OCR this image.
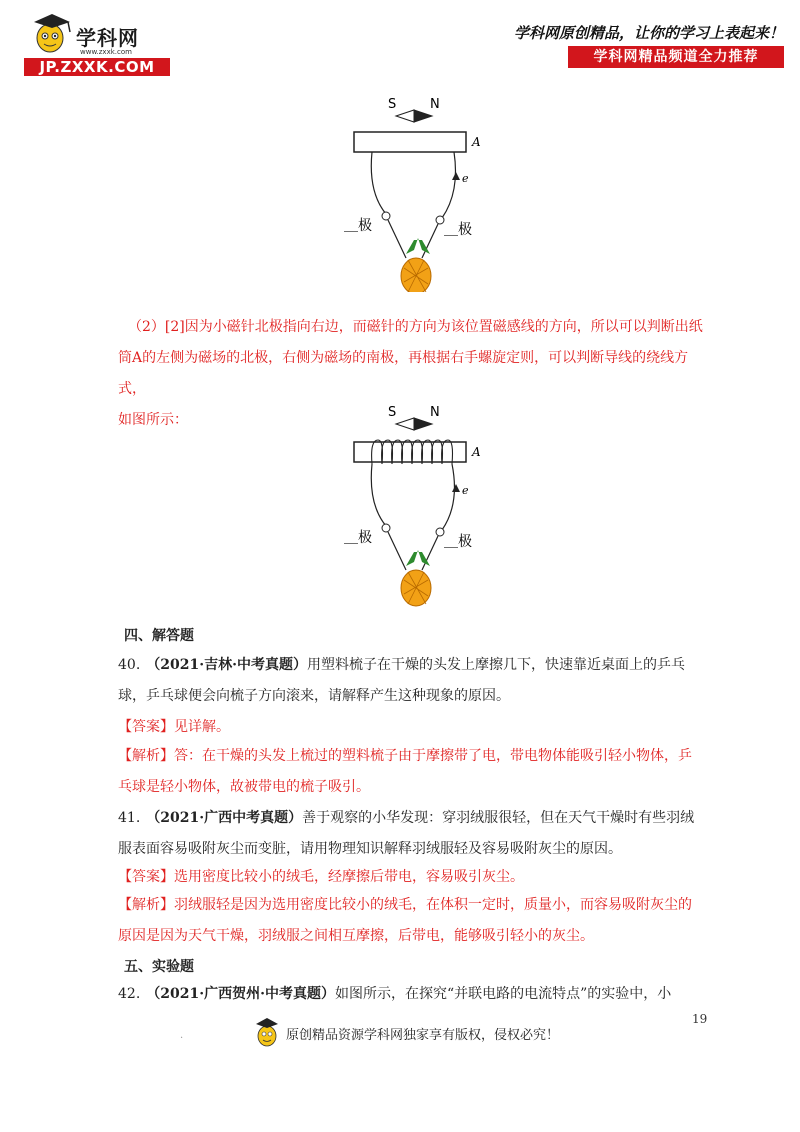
学科网
www.zxxk.com
JP.ZXXK.COM
学科网原创精品，让你的学习上表起来！
学科网精品频道全力推荐
S	N
A
e
＿极	＿极
（2）[2]因为小磁针北极指向右边，而磁针的方向为该位置磁感线的方向，所以可以判断出纸
筒A的左侧为磁场的北极，右侧为磁场的南极，再根据右手螺旋定则，可以判断导线的绕线方式，
如图所示：	S	N
A
e
＿极	＿极
四、解答题
40. （2021·吉林·中考真题）用塑料梳子在干燥的头发上摩擦几下，快速靠近桌面上的乒乓
球，乒乓球便会向梳子方向滚来，请解释产生这种现象的原因。
【答案】见详解。
【解析】答：在干燥的头发上梳过的塑料梳子由于摩擦带了电，带电物体能吸引轻小物体，乒
乓球是轻小物体，故被带电的梳子吸引。
41. （2021·广西中考真题）善于观察的小华发现：穿羽绒服很轻，但在天气干燥时有些羽绒
服表面容易吸附灰尘而变脏，请用物理知识解释羽绒服轻及容易吸附灰尘的原因。
【答案】选用密度比较小的绒毛，经摩擦后带电，容易吸引灰尘。
【解析】羽绒服轻是因为选用密度比较小的绒毛，在体积一定时，质量小，而容易吸附灰尘的
原因是因为天气干燥，羽绒服之间相互摩擦，后带电，能够吸引轻小的灰尘。
五、实验题
42. （2021·广西贺州·中考真题）如图所示，在探究“并联电路的电流特点”的实验中，小
19
.	原创精品资源学科网独家享有版权，侵权必究！
